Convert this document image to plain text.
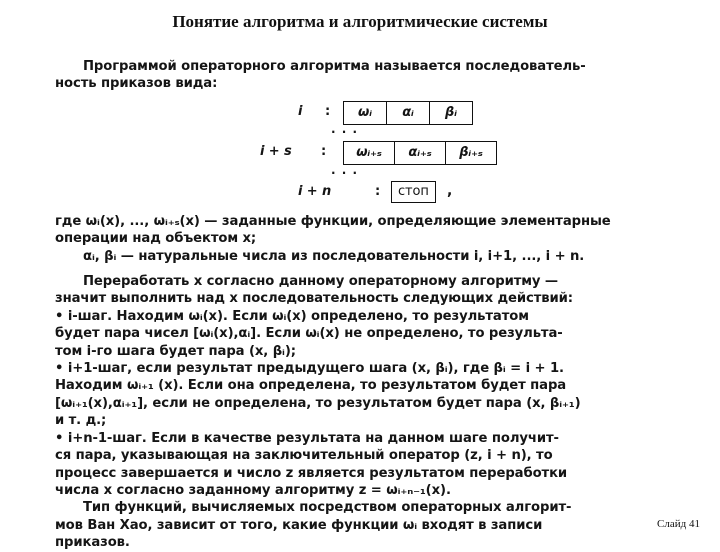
Понятие алгоритма и алгоритмические системы
Программой операторного алгоритма называется последователь-
ность приказов вида:
i :	ωᵢ	αᵢ	βᵢ
· · ·
i + s :	ωᵢ₊ₛ	αᵢ₊ₛ	βᵢ₊ₛ
· · ·
i + n	:	стоп	,
где ωᵢ(x), ..., ωᵢ₊ₛ(x) — заданные функции, определяющие элементарные
операции над объектом x;
αᵢ, βᵢ — натуральные числа из последовательности i, i+1, ..., i + n.
Переработать x согласно данному операторному алгоритму —
значит выполнить над x последовательность следующих действий:
• i-шаг. Находим ωᵢ(x). Если ωᵢ(x) определено, то результатом
будет пара чисел [ωᵢ(x),αᵢ]. Если ωᵢ(x) не определено, то результа-
том i-го шага будет пара (x, βᵢ);
• i+1-шаг, если результат предыдущего шага (x, βᵢ), где βᵢ = i + 1.
Находим ωᵢ₊₁ (x). Если она определена, то результатом будет пара
[ωᵢ₊₁(x),αᵢ₊₁], если не определена, то результатом будет пара (x, βᵢ₊₁)
и т. д.;
• i+n-1-шаг. Если в качестве результата на данном шаге получит-
ся пара, указывающая на заключительный оператор (z, i + n), то
процесс завершается и число z является результатом переработки
числа x согласно заданному алгоритму z = ωᵢ₊ₙ₋₁(x).
Тип функций, вычисляемых посредством операторных алгорит-
мов Ван Хао, зависит от того, какие функции ωᵢ входят в записи
приказов.
Слайд 41
